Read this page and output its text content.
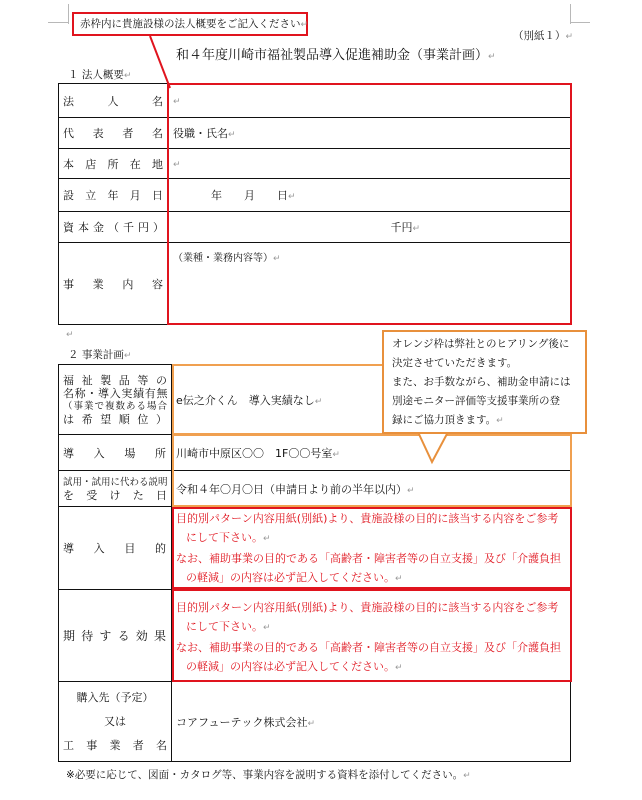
赤枠内に貴施設様の法人概要をご記入ください↵
（別紙１）↵
和４年度川崎市福祉製品導入促進補助金（事業計画）↵
１ 法人概要↵
法人名	↵
代表者名	役職・氏名↵
本店所在地	↵
設立年月日	年　　月　　日↵
資本金（千円）	千円↵
事業内容	（業種・業務内容等）↵
↵
２ 事業計画↵
福祉製品等の
名称・導入実績有無
（事業で複数ある場合
は希望順位）	e伝之介くん　導入実績なし↵
導入場所	川崎市中原区〇〇　1F〇〇号室↵

試用・試用に代わる説明
を受けた日	令和４年〇月〇日（申請日より前の半年以内）↵
導入目的	目的別パターン内容用紙(別紙)より、貴施設様の目的に該当する内容をご参考
にして下さい。↵
なお、補助事業の目的である「高齢者・障害者等の自立支援」及び「介護負担
の軽減」の内容は必ず記入してください。↵

期待する効果	目的別パターン内容用紙(別紙)より、貴施設様の目的に該当する内容をご参考
にして下さい。↵
なお、補助事業の目的である「高齢者・障害者等の自立支援」及び「介護負担
の軽減」の内容は必ず記入してください。↵

購入先（予定）
又は
工事業者名	コアフューテック株式会社↵
オレンジ枠は弊社とのヒアリング後に
決定させていただきます。
また、お手数ながら、補助金申請には
別途モニター評価等支援事業所の登
録にご協力頂きます。↵
※必要に応じて、図面・カタログ等、事業内容を説明する資料を添付してください。↵
